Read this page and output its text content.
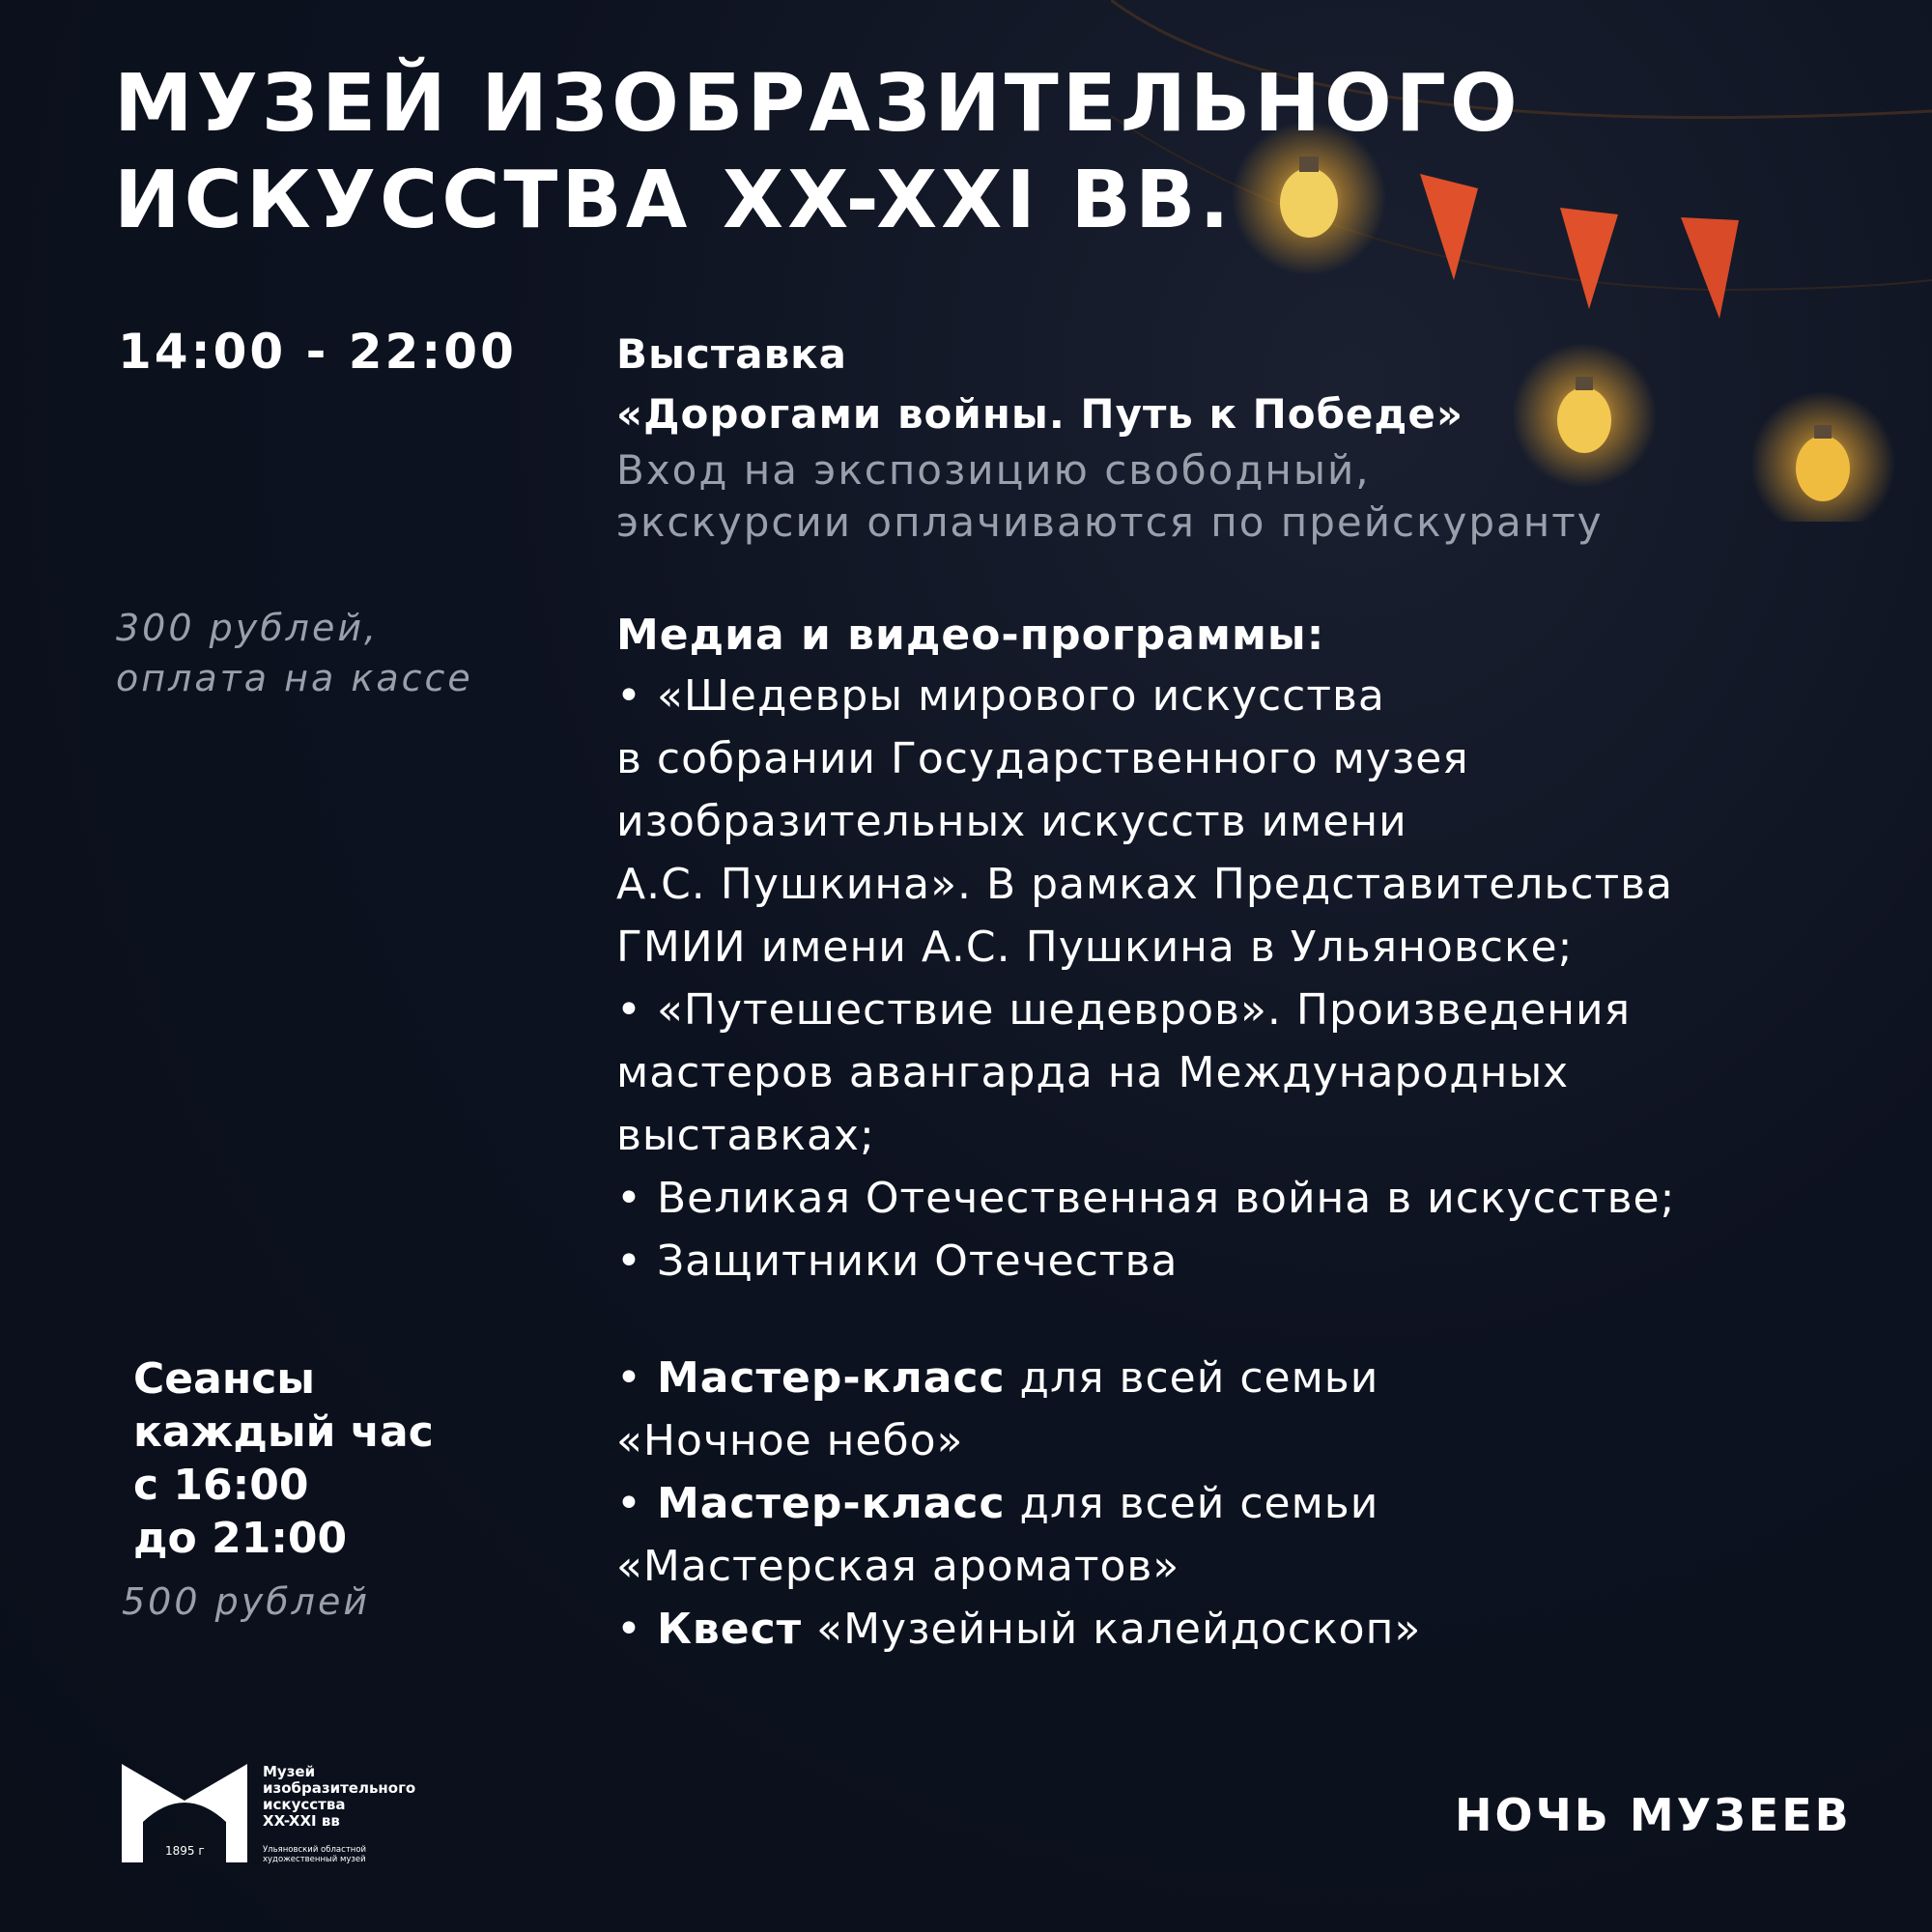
МУЗЕЙ ИЗОБРАЗИТЕЛЬНОГО
ИСКУССТВА XX-XXI ВВ.
14:00 - 22:00 Выставка
«Дорогами войны. Путь к Победе»
Вход на экспозицию свободный,
экскурсии оплачиваются по прейскуранту
300 рублей,
оплата на кассе
Медиа и видео-программы:
• «Шедевры мирового искусства
в собрании Государственного музея
изобразительных искусств имени
А.С. Пушкина». В рамках Представительства
ГМИИ имени А.С. Пушкина в Ульяновске;
• «Путешествие шедевров». Произведения
мастеров авангарда на Международных
выставках;
• Великая Отечественная война в искусстве;
• Защитники Отечества
Сеансы
каждый час
с 16:00
до 21:00
500 рублей
• Мастер-класс для всей семьи
«Ночное небо»
• Мастер-класс для всей семьи
«Мастерская ароматов»
• Квест «Музейный калейдоскоп»
1895 г
Музей
изобразительного
искусства
XX-XXI вв
Ульяновский областной
художественный музей
НОЧЬ МУЗЕЕВ
